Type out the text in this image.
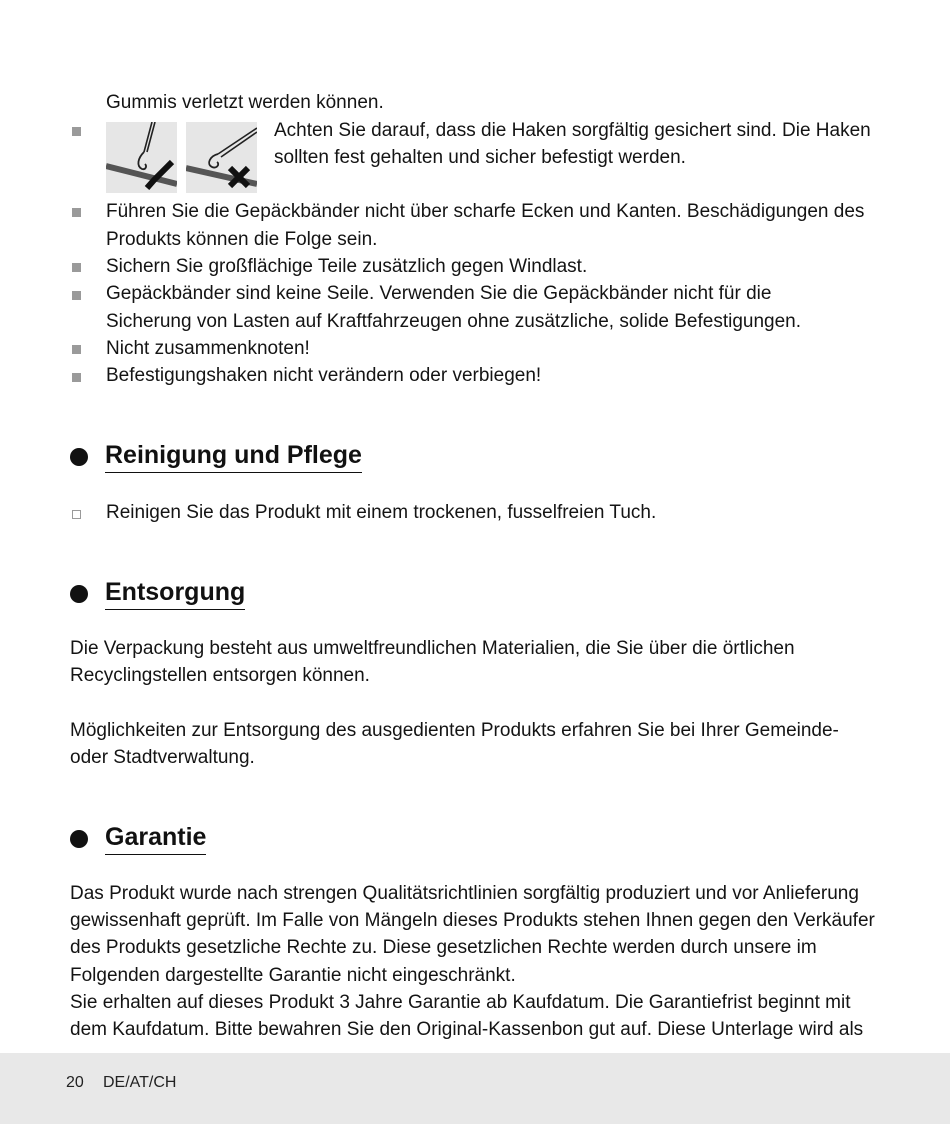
Gummis verletzt werden können.
Achten Sie darauf, dass die Haken sorgfältig gesichert sind. Die Haken
sollten fest gehalten und sicher befestigt werden.
Führen Sie die Gepäckbänder nicht über scharfe Ecken und Kanten. Beschädigungen des
Produkts können die Folge sein.
Sichern Sie großflächige Teile zusätzlich gegen Windlast.
Gepäckbänder sind keine Seile. Verwenden Sie die Gepäckbänder nicht für die
Sicherung von Lasten auf Kraftfahrzeugen ohne zusätzliche, solide Befestigungen.
Nicht zusammenknoten!
Befestigungshaken nicht verändern oder verbiegen!
Reinigung und Pflege
Reinigen Sie das Produkt mit einem trockenen, fusselfreien Tuch.
Entsorgung
Die Verpackung besteht aus umweltfreundlichen Materialien, die Sie über die örtlichen
Recyclingstellen entsorgen können.
Möglichkeiten zur Entsorgung des ausgedienten Produkts erfahren Sie bei Ihrer Gemeinde-
oder Stadtverwaltung.
Garantie
Das Produkt wurde nach strengen Qualitätsrichtlinien sorgfältig produziert und vor Anlieferung
gewissenhaft geprüft. Im Falle von Mängeln dieses Produkts stehen Ihnen gegen den Verkäufer
des Produkts gesetzliche Rechte zu. Diese gesetzlichen Rechte werden durch unsere im
Folgenden dargestellte Garantie nicht eingeschränkt.
Sie erhalten auf dieses Produkt 3 Jahre Garantie ab Kaufdatum. Die Garantiefrist beginnt mit
dem Kaufdatum. Bitte bewahren Sie den Original-Kassenbon gut auf. Diese Unterlage wird als
20 DE/AT/CH
